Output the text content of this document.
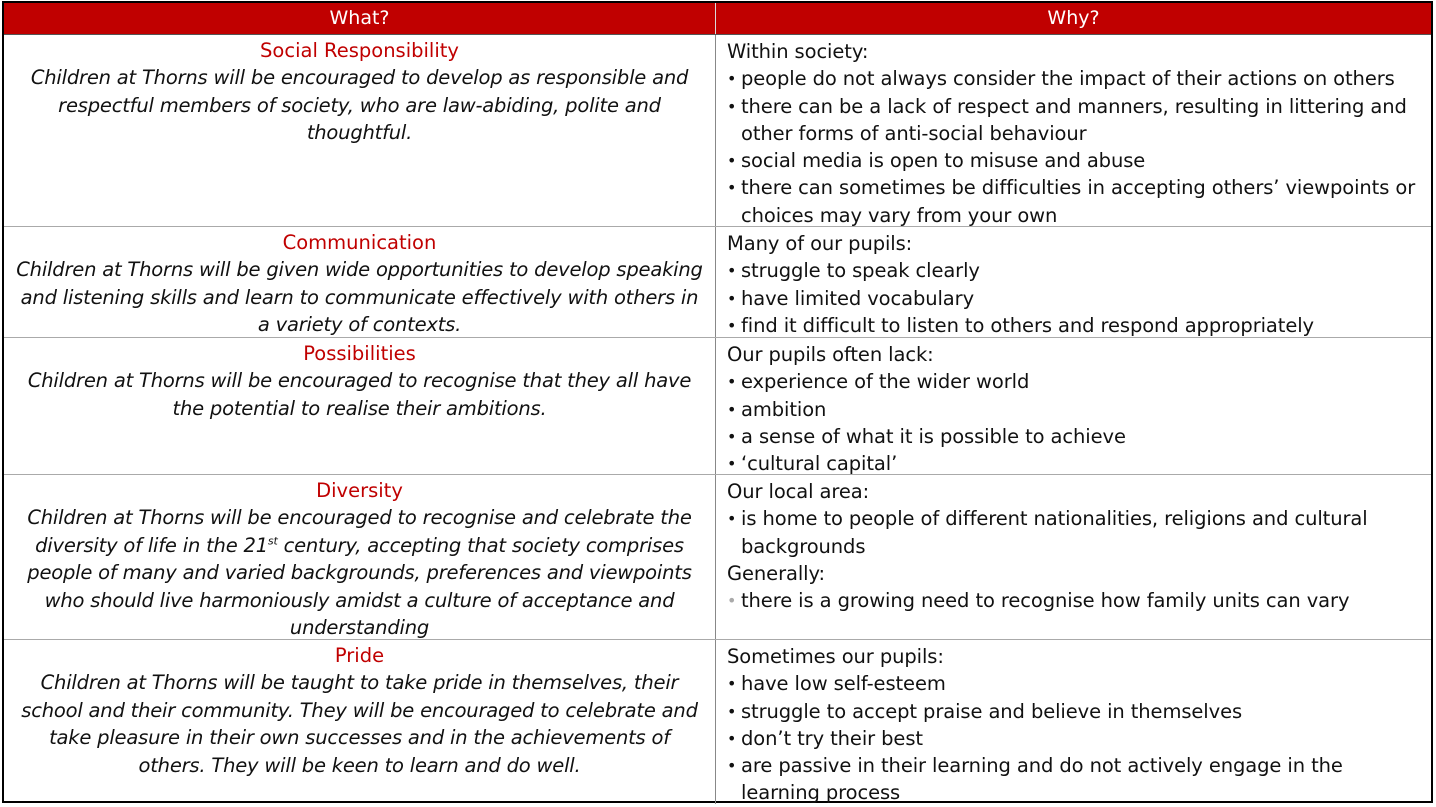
What?	Why?
Social Responsibility
Children at Thorns will be encouraged to develop as responsible and respectful members of society, who are law-abiding, polite and thoughtful.
Within society:
• people do not always consider the impact of their actions on others
• there can be a lack of respect and manners, resulting in littering and other forms of anti-social behaviour
• social media is open to misuse and abuse
• there can sometimes be difficulties in accepting others’ viewpoints or choices may vary from your own
Communication
Children at Thorns will be given wide opportunities to develop speaking and listening skills and learn to communicate effectively with others in a variety of contexts.
Many of our pupils:
• struggle to speak clearly
• have limited vocabulary
• find it difficult to listen to others and respond appropriately
Possibilities
Children at Thorns will be encouraged to recognise that they all have the potential to realise their ambitions.
Our pupils often lack:
• experience of the wider world
• ambition
• a sense of what it is possible to achieve
• ‘cultural capital’
Diversity
Children at Thorns will be encouraged to recognise and celebrate the diversity of life in the 21st century, accepting that society comprises people of many and varied backgrounds, preferences and viewpoints who should live harmoniously amidst a culture of acceptance and understanding
Our local area:
• is home to people of different nationalities, religions and cultural backgrounds
Generally:
• there is a growing need to recognise how family units can vary
Pride
Children at Thorns will be taught to take pride in themselves, their school and their community. They will be encouraged to celebrate and take pleasure in their own successes and in the achievements of others. They will be keen to learn and do well.
Sometimes our pupils:
• have low self-esteem
• struggle to accept praise and believe in themselves
• don’t try their best
• are passive in their learning and do not actively engage in the learning process
